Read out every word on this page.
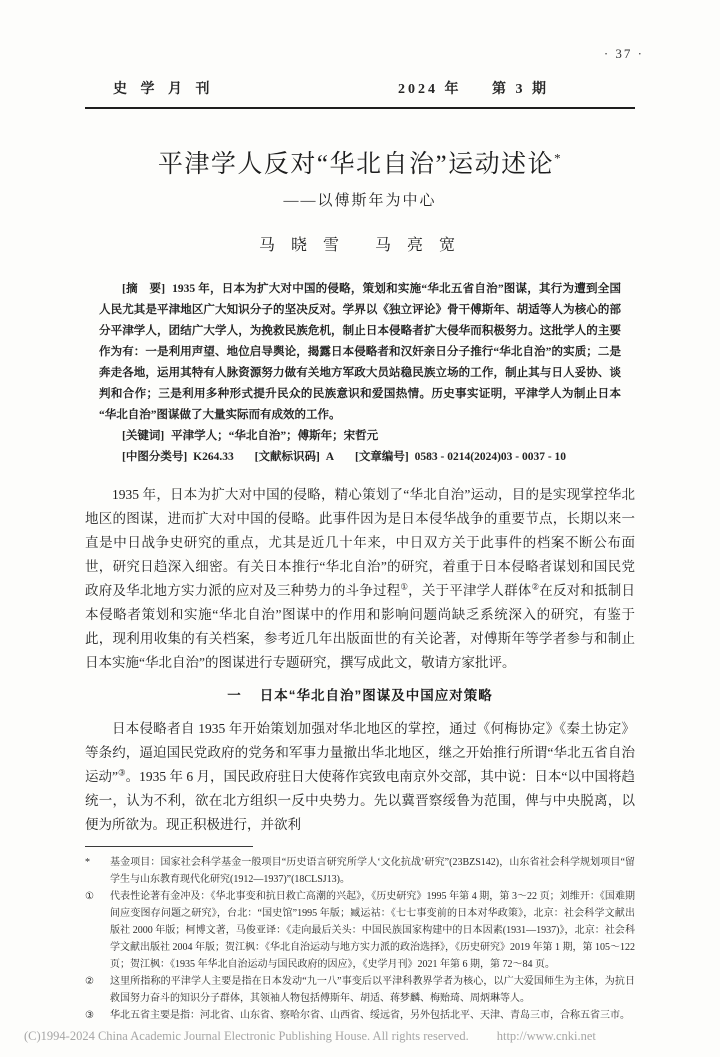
· 37 ·
史 学 月 刊	2024 年 第 3 期
平津学人反对“华北自治”运动述论*
——以傅斯年为中心
马 晓 雪 马 亮 宽

[摘　要] 1935 年，日本为扩大对中国的侵略，策划和实施“华北五省自治”图谋，其行为遭到全国人民尤其是平津地区广大知识分子的坚决反对。学界以《独立评论》骨干傅斯年、胡适等人为核心的部分平津学人，团结广大学人，为挽救民族危机，制止日本侵略者扩大侵华而积极努力。这批学人的主要作为有：一是利用声望、地位启导舆论，揭露日本侵略者和汉奸亲日分子推行“华北自治”的实质；二是奔走各地，运用其特有人脉资源努力做有关地方军政大员站稳民族立场的工作，制止其与日人妥协、谈判和合作；三是利用多种形式提升民众的民族意识和爱国热情。历史事实证明，平津学人为制止日本“华北自治”图谋做了大量实际而有成效的工作。

[关键词] 平津学人；“华北自治”；傅斯年；宋哲元

[中图分类号] K264.33 [文献标识码] A [文章编号] 0583 - 0214(2024)03 - 0037 - 10

1935 年，日本为扩大对中国的侵略，精心策划了“华北自治”运动，目的是实现掌控华北地区的图谋，进而扩大对中国的侵略。此事件因为是日本侵华战争的重要节点，长期以来一直是中日战争史研究的重点，尤其是近几十年来，中日双方关于此事件的档案不断公布面世，研究日趋深入细密。有关日本推行“华北自治”的研究，着重于日本侵略者谋划和国民党政府及华北地方实力派的应对及三种势力的斗争过程①，关于平津学人群体②在反对和抵制日本侵略者策划和实施“华北自治”图谋中的作用和影响问题尚缺乏系统深入的研究，有鉴于此，现利用收集的有关档案，参考近几年出版面世的有关论著，对傅斯年等学者参与和制止日本实施“华北自治”的图谋进行专题研究，撰写成此文，敬请方家批评。

一 日本“华北自治”图谋及中国应对策略

日本侵略者自 1935 年开始策划加强对华北地区的掌控，通过《何梅协定》《秦土协定》等条约，逼迫国民党政府的党务和军事力量撤出华北地区，继之开始推行所谓“华北五省自治运动”③。1935 年 6 月，国民政府驻日大使蒋作宾致电南京外交部，其中说：日本“以中国将趋统一，认为不利，欲在北方组织一反中央势力。先以冀晋察绥鲁为范围，俾与中央脱离，以便为所欲为。现正积极进行，并欲利

*	基金项目：国家社会科学基金一般项目“历史语言研究所学人‘文化抗战’研究”(23BZS142)，山东省社会科学规划项目“留学生与山东教育现代化研究(1912—1937)”(18CLSJ13)。
①	代表性论著有金冲及：《华北事变和抗日救亡高潮的兴起》，《历史研究》1995 年第 4 期，第 3～22 页；刘维开：《国难期间应变图存问题之研究》，台北：“国史馆”1995 年版；臧运祜：《七七事变前的日本对华政策》，北京：社会科学文献出版社 2000 年版；柯博文著，马俊亚译：《走向最后关头：中国民族国家构建中的日本因素(1931—1937)》，北京：社会科学文献出版社 2004 年版；贺江枫：《华北自治运动与地方实力派的政治选择》，《历史研究》2019 年第 1 期，第 105～122 页；贺江枫：《1935 年华北自治运动与国民政府的因应》，《史学月刊》2021 年第 6 期，第 72～84 页。
②	这里所指称的平津学人主要是指在日本发动“九一八”事变后以平津科教界学者为核心，以广大爱国师生为主体，为抗日救国努力奋斗的知识分子群体，其领袖人物包括傅斯年、胡适、蒋梦麟、梅贻琦、周炳琳等人。
③	华北五省主要是指：河北省、山东省、察哈尔省、山西省、绥远省，另外包括北平、天津、青岛三市，合称五省三市。
(C)1994-2024 China Academic Journal Electronic Publishing House. All rights reserved. http://www.cnki.net
